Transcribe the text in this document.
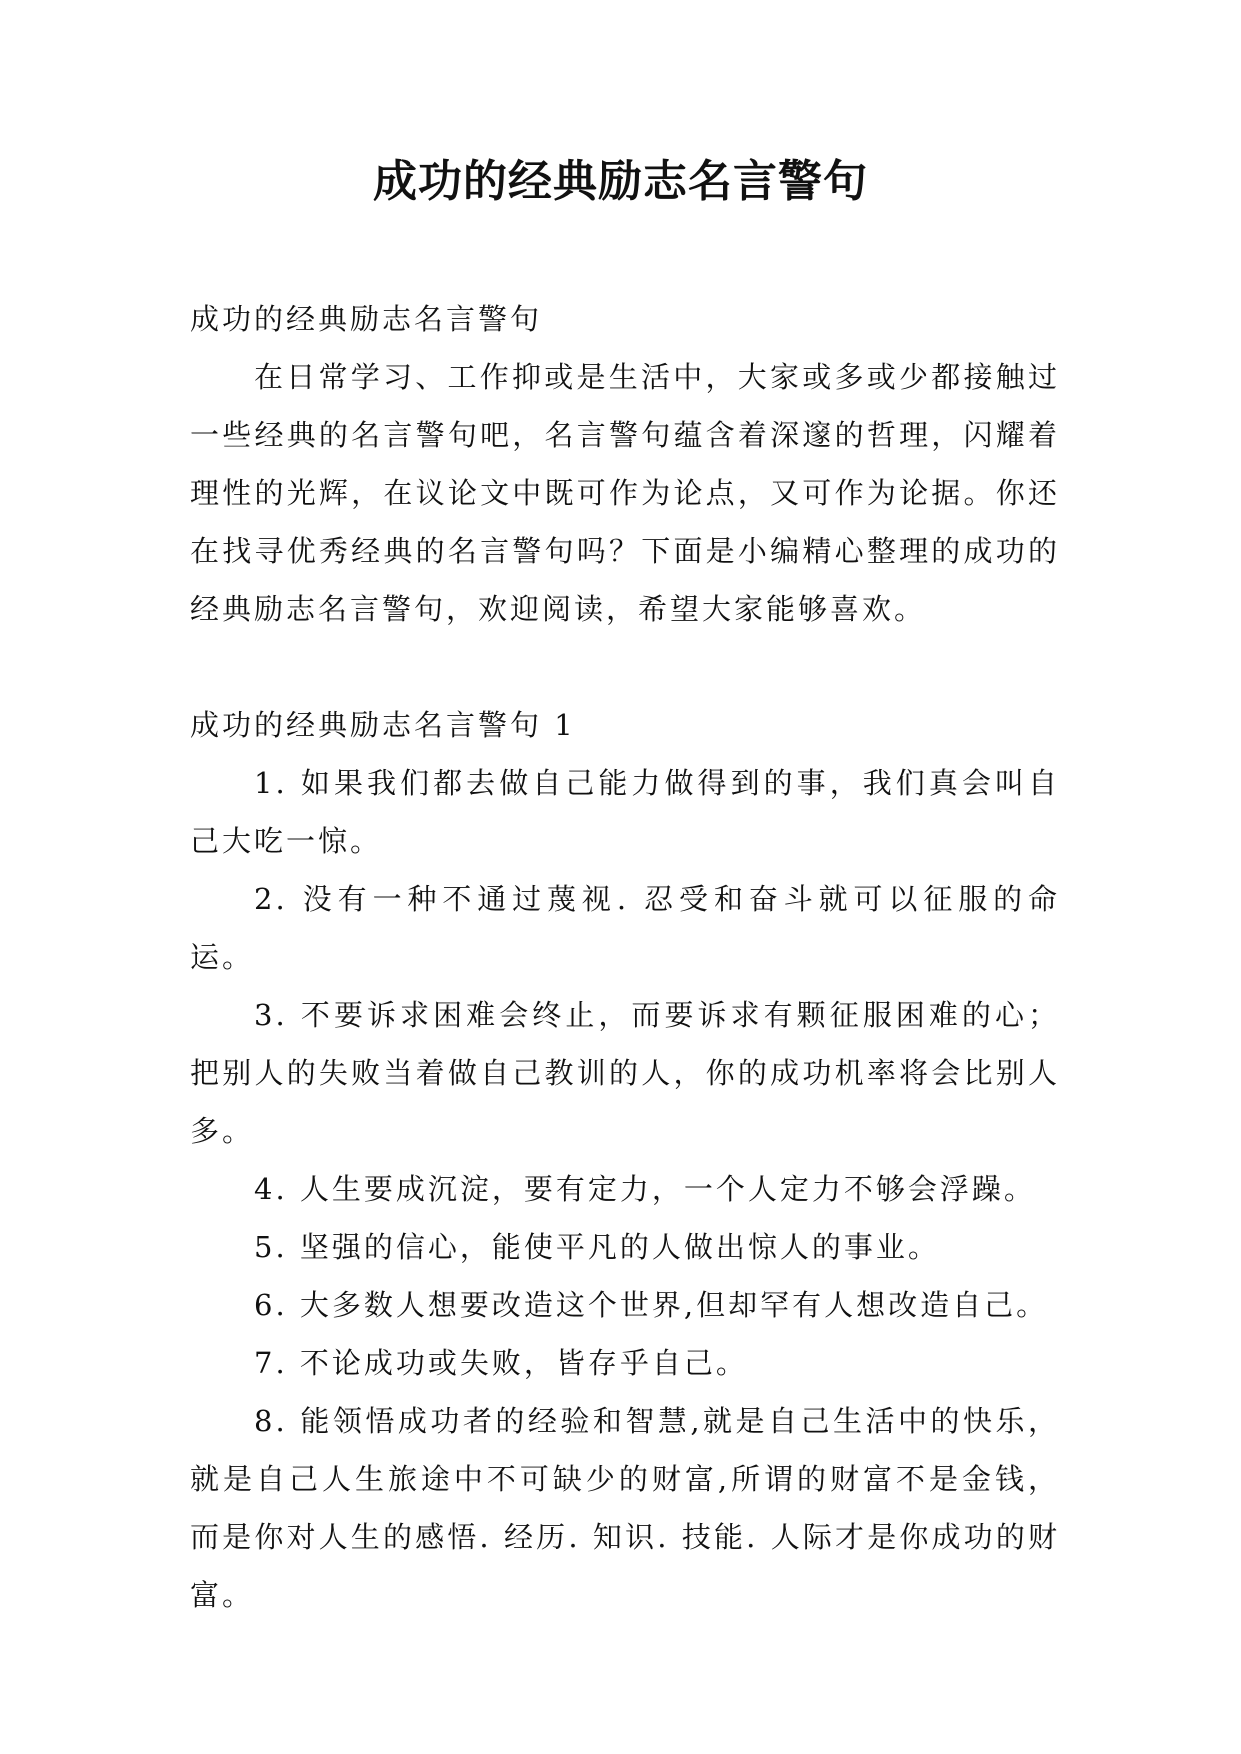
成功的经典励志名言警句

成功的经典励志名言警句

在日常学习、工作抑或是生活中，大家或多或少都接触过一些经典的名言警句吧，名言警句蕴含着深邃的哲理，闪耀着理性的光辉，在议论文中既可作为论点，又可作为论据。你还在找寻优秀经典的名言警句吗？下面是小编精心整理的成功的经典励志名言警句，欢迎阅读，希望大家能够喜欢。

成功的经典励志名言警句 1

1. 如果我们都去做自己能力做得到的事，我们真会叫自己大吃一惊。

2. 没有一种不通过蔑视. 忍受和奋斗就可以征服的命运。

3. 不要诉求困难会终止，而要诉求有颗征服困难的心；把别人的失败当着做自己教训的人，你的成功机率将会比别人多。

4. 人生要成沉淀，要有定力，一个人定力不够会浮躁。

5. 坚强的信心，能使平凡的人做出惊人的事业。

6. 大多数人想要改造这个世界,但却罕有人想改造自己。

7. 不论成功或失败，皆存乎自己。

8. 能领悟成功者的经验和智慧,就是自己生活中的快乐，就是自己人生旅途中不可缺少的财富,所谓的财富不是金钱，而是你对人生的感悟. 经历. 知识. 技能. 人际才是你成功的财富。
